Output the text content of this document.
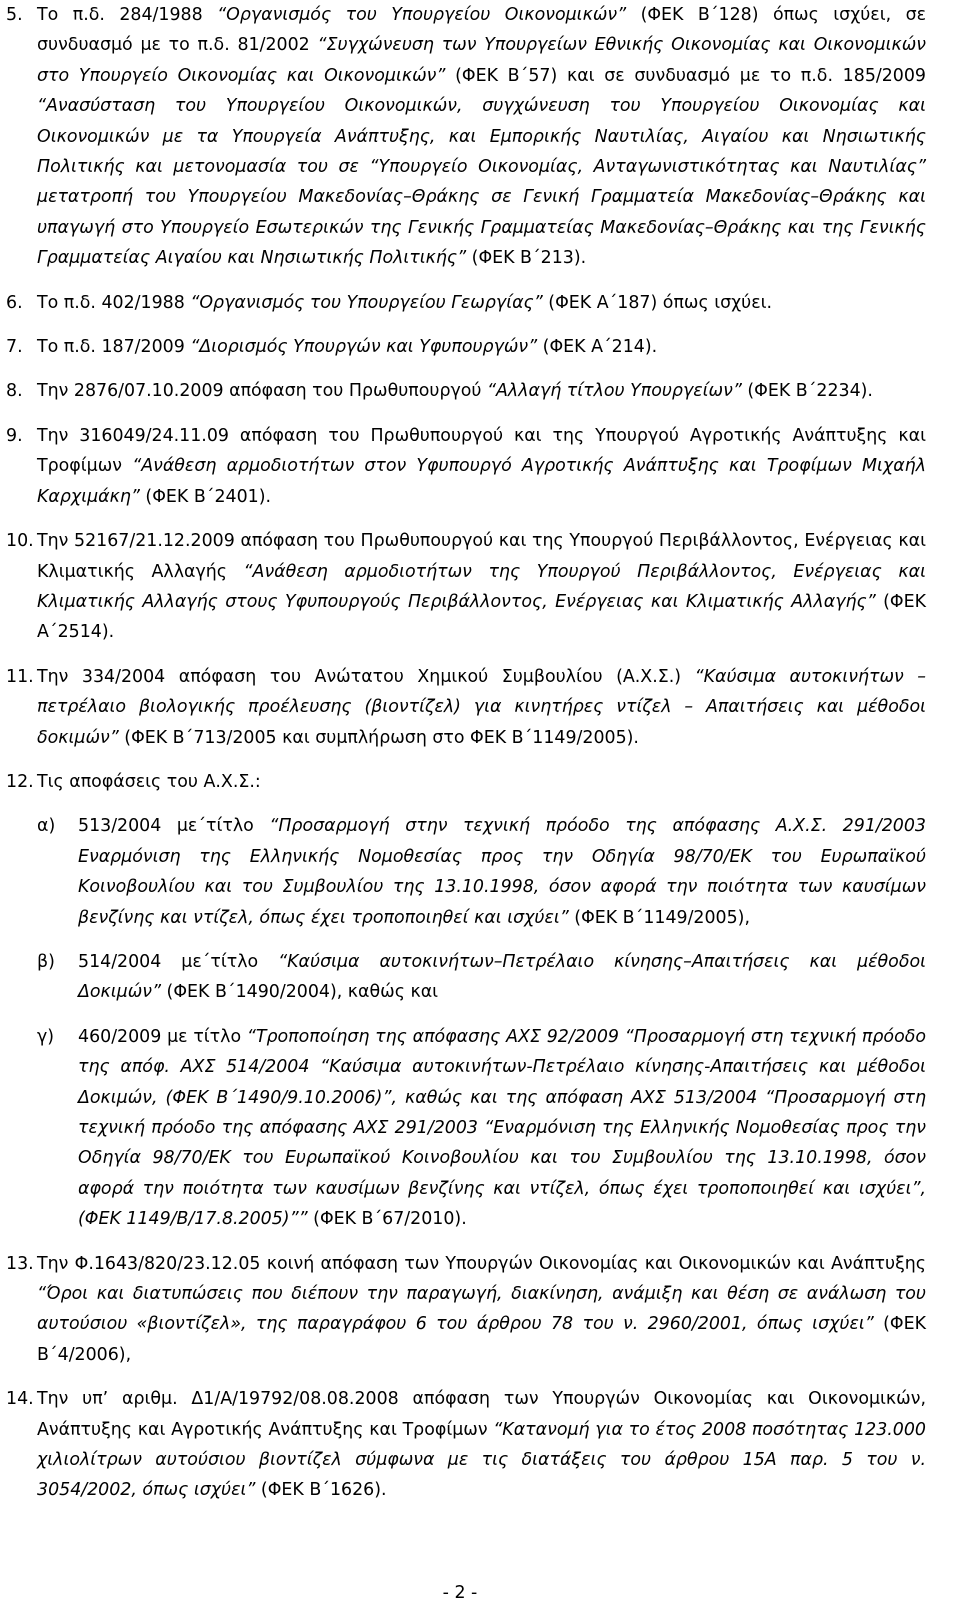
5. Το π.δ. 284/1988 “Οργανισμός του Υπουργείου Οικονομικών” (ΦΕΚ Β΄128) όπως ισχύει, σε συνδυασμό με το π.δ. 81/2002 “Συγχώνευση των Υπουργείων Εθνικής Οικονομίας και Οικονομικών στο Υπουργείο Οικονομίας και Οικονομικών” (ΦΕΚ Β΄57) και σε συνδυασμό με το π.δ. 185/2009 “Ανασύσταση του Υπουργείου Οικονομικών, συγχώνευση του Υπουργείου Οικονομίας και Οικονομικών με τα Υπουργεία Ανάπτυξης, και Εμπορικής Ναυτιλίας, Αιγαίου και Νησιωτικής Πολιτικής και μετονομασία του σε “Υπουργείο Οικονομίας, Ανταγωνιστικότητας και Ναυτιλίας” μετατροπή του Υπουργείου Μακεδονίας–Θράκης σε Γενική Γραμματεία Μακεδονίας–Θράκης και υπαγωγή στο Υπουργείο Εσωτερικών της Γενικής Γραμματείας Μακεδονίας–Θράκης και της Γενικής Γραμματείας Αιγαίου και Νησιωτικής Πολιτικής” (ΦΕΚ Β΄213).
6. Το π.δ. 402/1988 “Οργανισμός του Υπουργείου Γεωργίας” (ΦΕΚ Α΄187) όπως ισχύει.
7. Το π.δ. 187/2009 “Διορισμός Υπουργών και Υφυπουργών” (ΦΕΚ Α΄214).
8. Την 2876/07.10.2009 απόφαση του Πρωθυπουργού “Αλλαγή τίτλου Υπουργείων” (ΦΕΚ Β΄2234).
9. Την 316049/24.11.09 απόφαση του Πρωθυπουργού και της Υπουργού Αγροτικής Ανάπτυξης και Τροφίμων “Ανάθεση αρμοδιοτήτων στον Υφυπουργό Αγροτικής Ανάπτυξης και Τροφίμων Μιχαήλ Καρχιμάκη” (ΦΕΚ Β΄2401).
10. Την 52167/21.12.2009 απόφαση του Πρωθυπουργού και της Υπουργού Περιβάλλοντος, Ενέργειας και Κλιματικής Αλλαγής “Ανάθεση αρμοδιοτήτων της Υπουργού Περιβάλλοντος, Ενέργειας και Κλιματικής Αλλαγής στους Υφυπουργούς Περιβάλλοντος, Ενέργειας και Κλιματικής Αλλαγής” (ΦΕΚ Α΄2514).
11. Την 334/2004 απόφαση του Ανώτατου Χημικού Συμβουλίου (Α.Χ.Σ.) “Καύσιμα αυτοκινήτων – πετρέλαιο βιολογικής προέλευσης (βιοντίζελ) για κινητήρες ντίζελ – Απαιτήσεις και μέθοδοι δοκιμών” (ΦΕΚ Β΄713/2005 και συμπλήρωση στο ΦΕΚ Β΄1149/2005).
12. Τις αποφάσεις του Α.Χ.Σ.:
α)	513/2004 με΄τίτλο “Προσαρμογή στην τεχνική πρόοδο της απόφασης Α.Χ.Σ. 291/2003 Εναρμόνιση της Ελληνικής Νομοθεσίας προς την Οδηγία 98/70/ΕΚ του Ευρωπαϊκού Κοινοβουλίου και του Συμβουλίου της 13.10.1998, όσον αφορά την ποιότητα των καυσίμων βενζίνης και ντίζελ, όπως έχει τροποποιηθεί και ισχύει” (ΦΕΚ Β΄1149/2005),
β)	514/2004 με΄τίτλο “Καύσιμα αυτοκινήτων–Πετρέλαιο κίνησης–Απαιτήσεις και μέθοδοι Δοκιμών” (ΦΕΚ Β΄1490/2004), καθώς και
γ)	460/2009 με τίτλο “Τροποποίηση της απόφασης ΑΧΣ 92/2009 “Προσαρμογή στη τεχνική πρόοδο της απόφ. ΑΧΣ 514/2004 “Καύσιμα αυτοκινήτων-Πετρέλαιο κίνησης-Απαιτήσεις και μέθοδοι Δοκιμών, (ΦΕΚ Β΄1490/9.10.2006)”, καθώς και της απόφαση ΑΧΣ 513/2004 “Προσαρμογή στη τεχνική πρόοδο της απόφασης ΑΧΣ 291/2003 “Εναρμόνιση της Ελληνικής Νομοθεσίας προς την Οδηγία 98/70/ΕΚ του Ευρωπαϊκού Κοινοβουλίου και του Συμβουλίου της 13.10.1998, όσον αφορά την ποιότητα των καυσίμων βενζίνης και ντίζελ, όπως έχει τροποποιηθεί και ισχύει”, (ΦΕΚ 1149/Β/17.8.2005)”” (ΦΕΚ Β΄67/2010).
13. Την Φ.1643/820/23.12.05 κοινή απόφαση των Υπουργών Οικονομίας και Οικονομικών και Ανάπτυξης “Όροι και διατυπώσεις που διέπουν την παραγωγή, διακίνηση, ανάμιξη και θέση σε ανάλωση του αυτούσιου «βιοντίζελ», της παραγράφου 6 του άρθρου 78 του ν. 2960/2001, όπως ισχύει” (ΦΕΚ Β΄4/2006),
14. Την υπ’ αριθμ. Δ1/Α/19792/08.08.2008 απόφαση των Υπουργών Οικονομίας και Οικονομικών, Ανάπτυξης και Αγροτικής Ανάπτυξης και Τροφίμων “Κατανομή για το έτος 2008 ποσότητας 123.000 χιλιολίτρων αυτούσιου βιοντίζελ σύμφωνα με τις διατάξεις του άρθρου 15Α παρ. 5 του ν. 3054/2002, όπως ισχύει” (ΦΕΚ Β΄1626).
- 2 -
